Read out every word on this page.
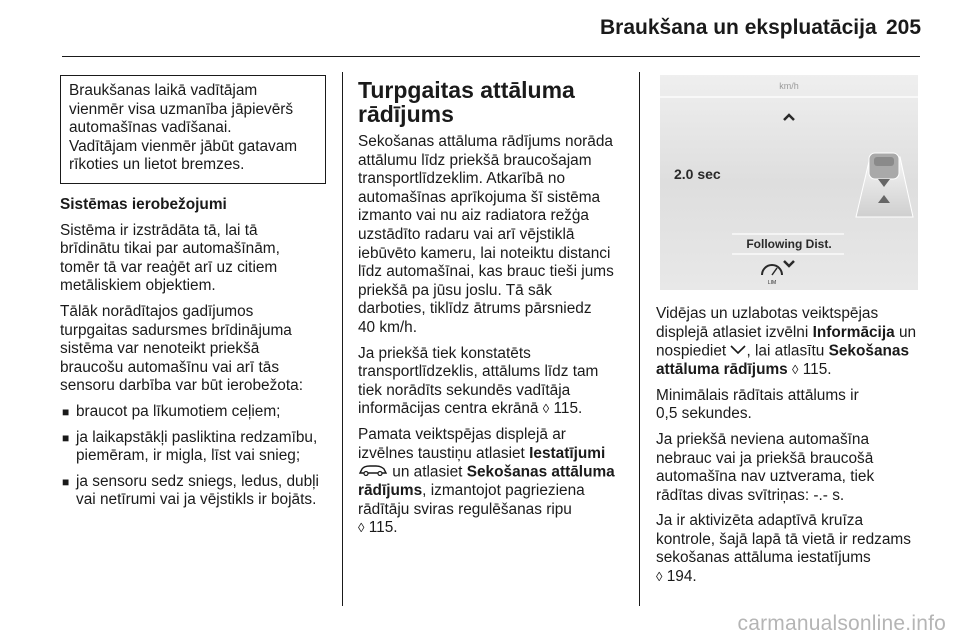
Braukšana un ekspluatācija 205

Braukšanas laikā vadītājam
vienmēr visa uzmanība jāpievērš
automašīnas vadīšanai.
Vadītājam vienmēr jābūt gatavam
rīkoties un lietot bremzes.

Sistēmas ierobežojumi

Sistēma ir izstrādāta tā, lai tā
brīdinātu tikai par automašīnām,
tomēr tā var reaģēt arī uz citiem
metāliskiem objektiem.

Tālāk norādītajos gadījumos
turpgaitas sadursmes brīdinājuma
sistēma var nenoteikt priekšā
braucošu automašīnu vai arī tās
sensoru darbība var būt ierobežota:

■ braucot pa līkumotiem ceļiem;
■ ja laikapstākļi pasliktina redzamību,
piemēram, ir migla, līst vai snieg;
■ ja sensoru sedz sniegs, ledus, dubļi
vai netīrumi vai ja vējstikls ir bojāts.

Turpgaitas attāluma
rādījums

Sekošanas attāluma rādījums norāda
attālumu līdz priekšā braucošajam
transportlīdzeklim. Atkarībā no
automašīnas aprīkojuma šī sistēma
izmanto vai nu aiz radiatora režģa
uzstādīto radaru vai arī vējstiklā
iebūvēto kameru, lai noteiktu distanci
līdz automašīnai, kas brauc tieši jums
priekšā pa jūsu joslu. Tā sāk
darboties, tiklīdz ātrums pārsniedz
40 km/h.

Ja priekšā tiek konstatēts
transportlīdzeklis, attālums līdz tam
tiek norādīts sekundēs vadītāja
informācijas centra ekrānā ◊ 115.

Pamata veiktspējas displejā ar
izvēlnes taustiņu atlasiet Iestatījumi
un atlasiet Sekošanas attāluma
rādījums, izmantojot pagrieziena
rādītāju sviras regulēšanas ripu
◊ 115.

km/h
2.0 sec
Following Dist.
LIM

Vidējas un uzlabotas veiktspējas
displejā atlasiet izvēlni Informācija un
nospiediet , lai atlasītu Sekošanas
attāluma rādījums ◊ 115.

Minimālais rādītais attālums ir
0,5 sekundes.

Ja priekšā neviena automašīna
nebrauc vai ja priekšā braucošā
automašīna nav uztverama, tiek
rādītas divas svītriņas: -.- s.

Ja ir aktivizēta adaptīvā kruīza
kontrole, šajā lapā tā vietā ir redzams
sekošanas attāluma iestatījums
◊ 194.

carmanualsonline.info
